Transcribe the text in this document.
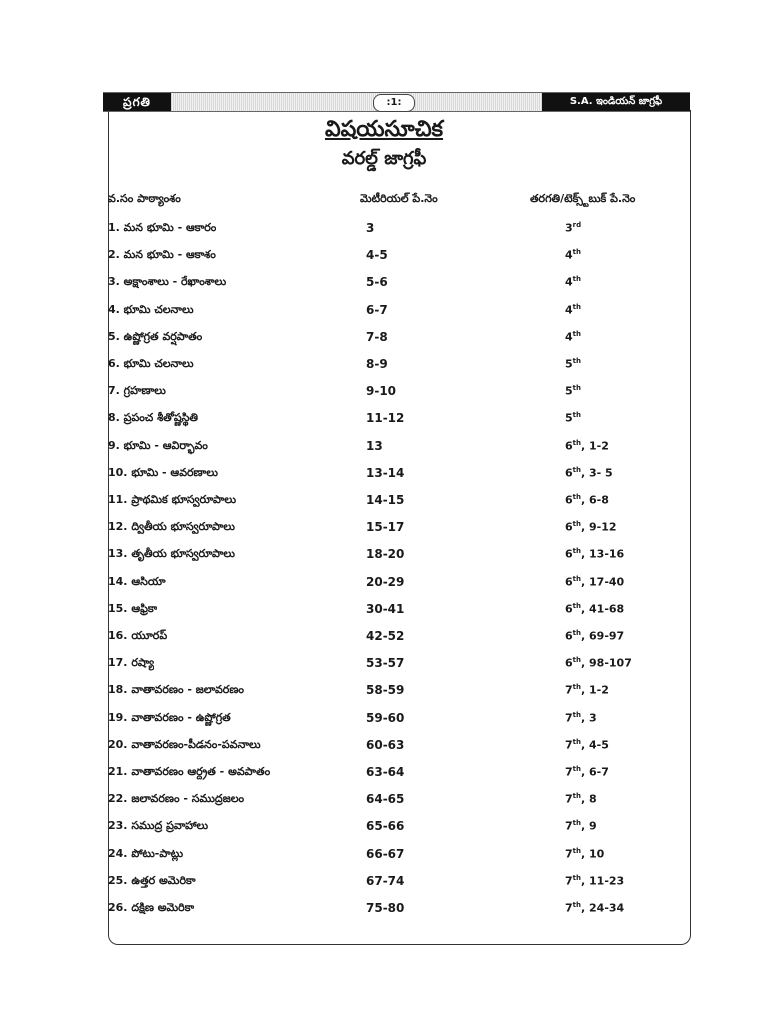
ప్రగతి	:1:	S.A. ఇండియన్ జాగ్రఫీ
విషయసూచిక
వరల్డ్ జాగ్రఫీ
వ.సం పాఠ్యాంశం	మెటీరియల్ పే.నెం	తరగతి/టెక్స్ట్‌బుక్ పే.నెం
1. మన భూమి - ఆకారం	3	3rd
2. మన భూమి - ఆకాశం	4-5	4th
3. అక్షాంశాలు - రేఖాంశాలు	5-6	4th
4. భూమి చలనాలు	6-7	4th
5. ఉష్ణోగ్రత వర్షపాతం	7-8	4th
6. భూమి చలనాలు	8-9	5th
7. గ్రహణాలు	9-10	5th
8. ప్రపంచ శీతోష్ణస్థితి	11-12	5th
9. భూమి - ఆవిర్భావం	13	6th, 1-2
10. భూమి - ఆవరణాలు	13-14	6th, 3- 5
11. ప్రాథమిక భూస్వరూపాలు	14-15	6th, 6-8
12. ద్వితీయ భూస్వరూపాలు	15-17	6th, 9-12
13. తృతీయ భూస్వరూపాలు	18-20	6th, 13-16
14. ఆసియా	20-29	6th, 17-40
15. ఆఫ్రికా	30-41	6th, 41-68
16. యూరప్	42-52	6th, 69-97
17. రష్యా	53-57	6th, 98-107
18. వాతావరణం - జలావరణం	58-59	7th, 1-2
19. వాతావరణం - ఉష్ణోగ్రత	59-60	7th, 3
20. వాతావరణం-పీడనం-పవనాలు	60-63	7th, 4-5
21. వాతావరణం ఆర్ద్రత - అవపాతం	63-64	7th, 6-7
22. జలావరణం - సముద్రజలం	64-65	7th, 8
23. సముద్ర ప్రవాహాలు	65-66	7th, 9
24. పోటు-పాట్లు	66-67	7th, 10
25. ఉత్తర అమెరికా	67-74	7th, 11-23
26. దక్షిణ అమెరికా	75-80	7th, 24-34
